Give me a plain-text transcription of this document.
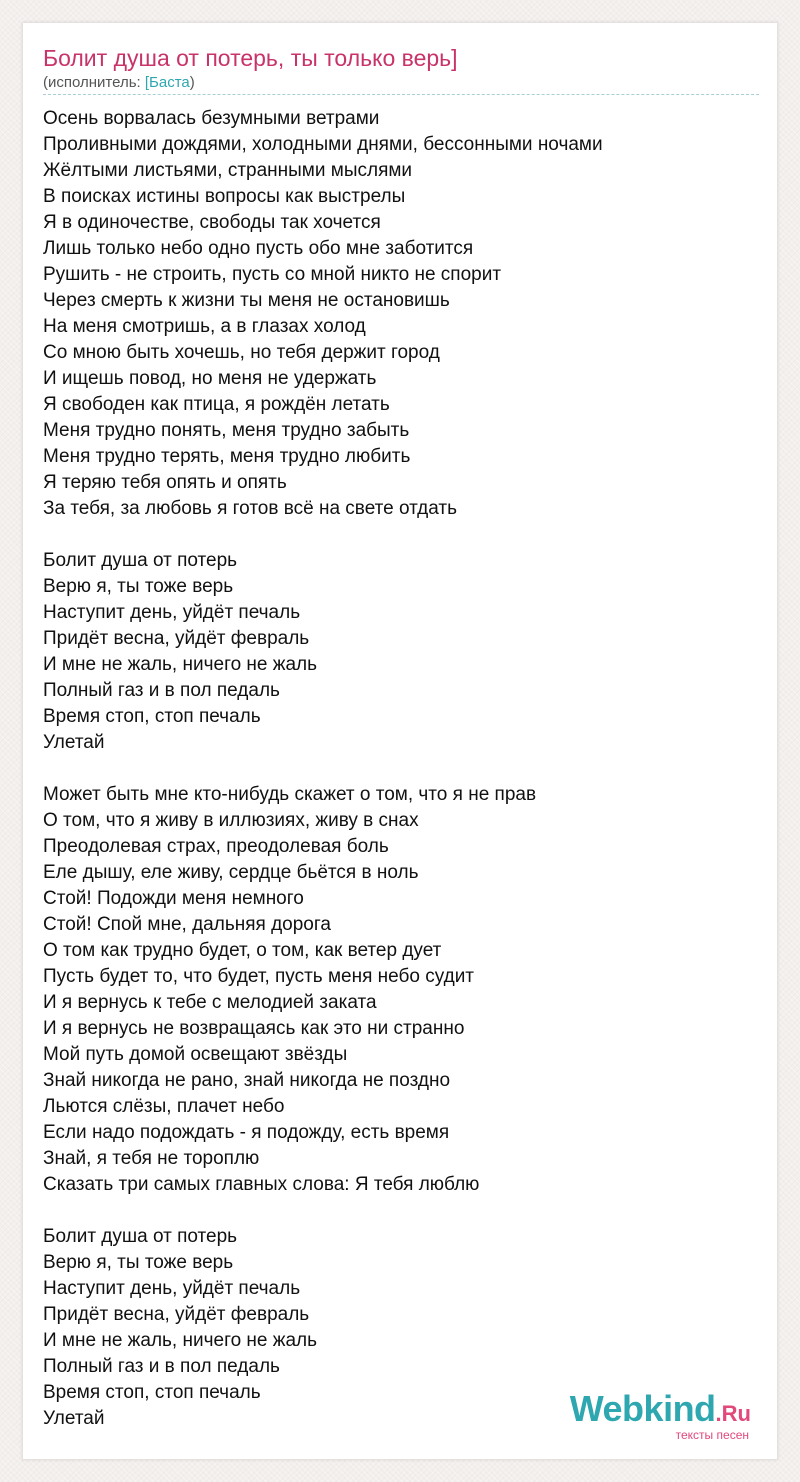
Болит душа от потерь, ты только верь]
(исполнитель: [Баста)
Осень ворвалась безумными ветрами
Проливными дождями, холодными днями, бессонными ночами
Жёлтыми листьями, странными мыслями
В поисках истины вопросы как выстрелы
Я в одиночестве, свободы так хочется
Лишь только небо одно пусть обо мне заботится
Рушить - не строить, пусть со мной никто не спорит
Через смерть к жизни ты меня не остановишь
На меня смотришь, а в глазах холод
Со мною быть хочешь, но тебя держит город
И ищешь повод, но меня не удержать
Я свободен как птица, я рождён летать
Меня трудно понять, меня трудно забыть
Меня трудно терять, меня трудно любить
Я теряю тебя опять и опять
За тебя, за любовь я готов всё на свете отдать
Болит душа от потерь
Верю я, ты тоже верь
Наступит день, уйдёт печаль
Придёт весна, уйдёт февраль
И мне не жаль, ничего не жаль
Полный газ и в пол педаль
Время стоп, стоп печаль
Улетай
Может быть мне кто-нибудь скажет о том, что я не прав
О том, что я живу в иллюзиях, живу в снах
Преодолевая страх, преодолевая боль
Еле дышу, еле живу, сердце бьётся в ноль
Стой! Подожди меня немного
Стой! Спой мне, дальняя дорога
О том как трудно будет, о том, как ветер дует
Пусть будет то, что будет, пусть меня небо судит
И я вернусь к тебе с мелодией заката
И я вернусь не возвращаясь как это ни странно
Мой путь домой освещают звёзды
Знай никогда не рано, знай никогда не поздно
Льются слёзы, плачет небо
Если надо подождать - я подожду, есть время
Знай, я тебя не тороплю
Сказать три самых главных слова: Я тебя люблю
Болит душа от потерь
Верю я, ты тоже верь
Наступит день, уйдёт печаль
Придёт весна, уйдёт февраль
И мне не жаль, ничего не жаль
Полный газ и в пол педаль
Время стоп, стоп печаль
Улетай	Webkind.Ru
тексты песен
